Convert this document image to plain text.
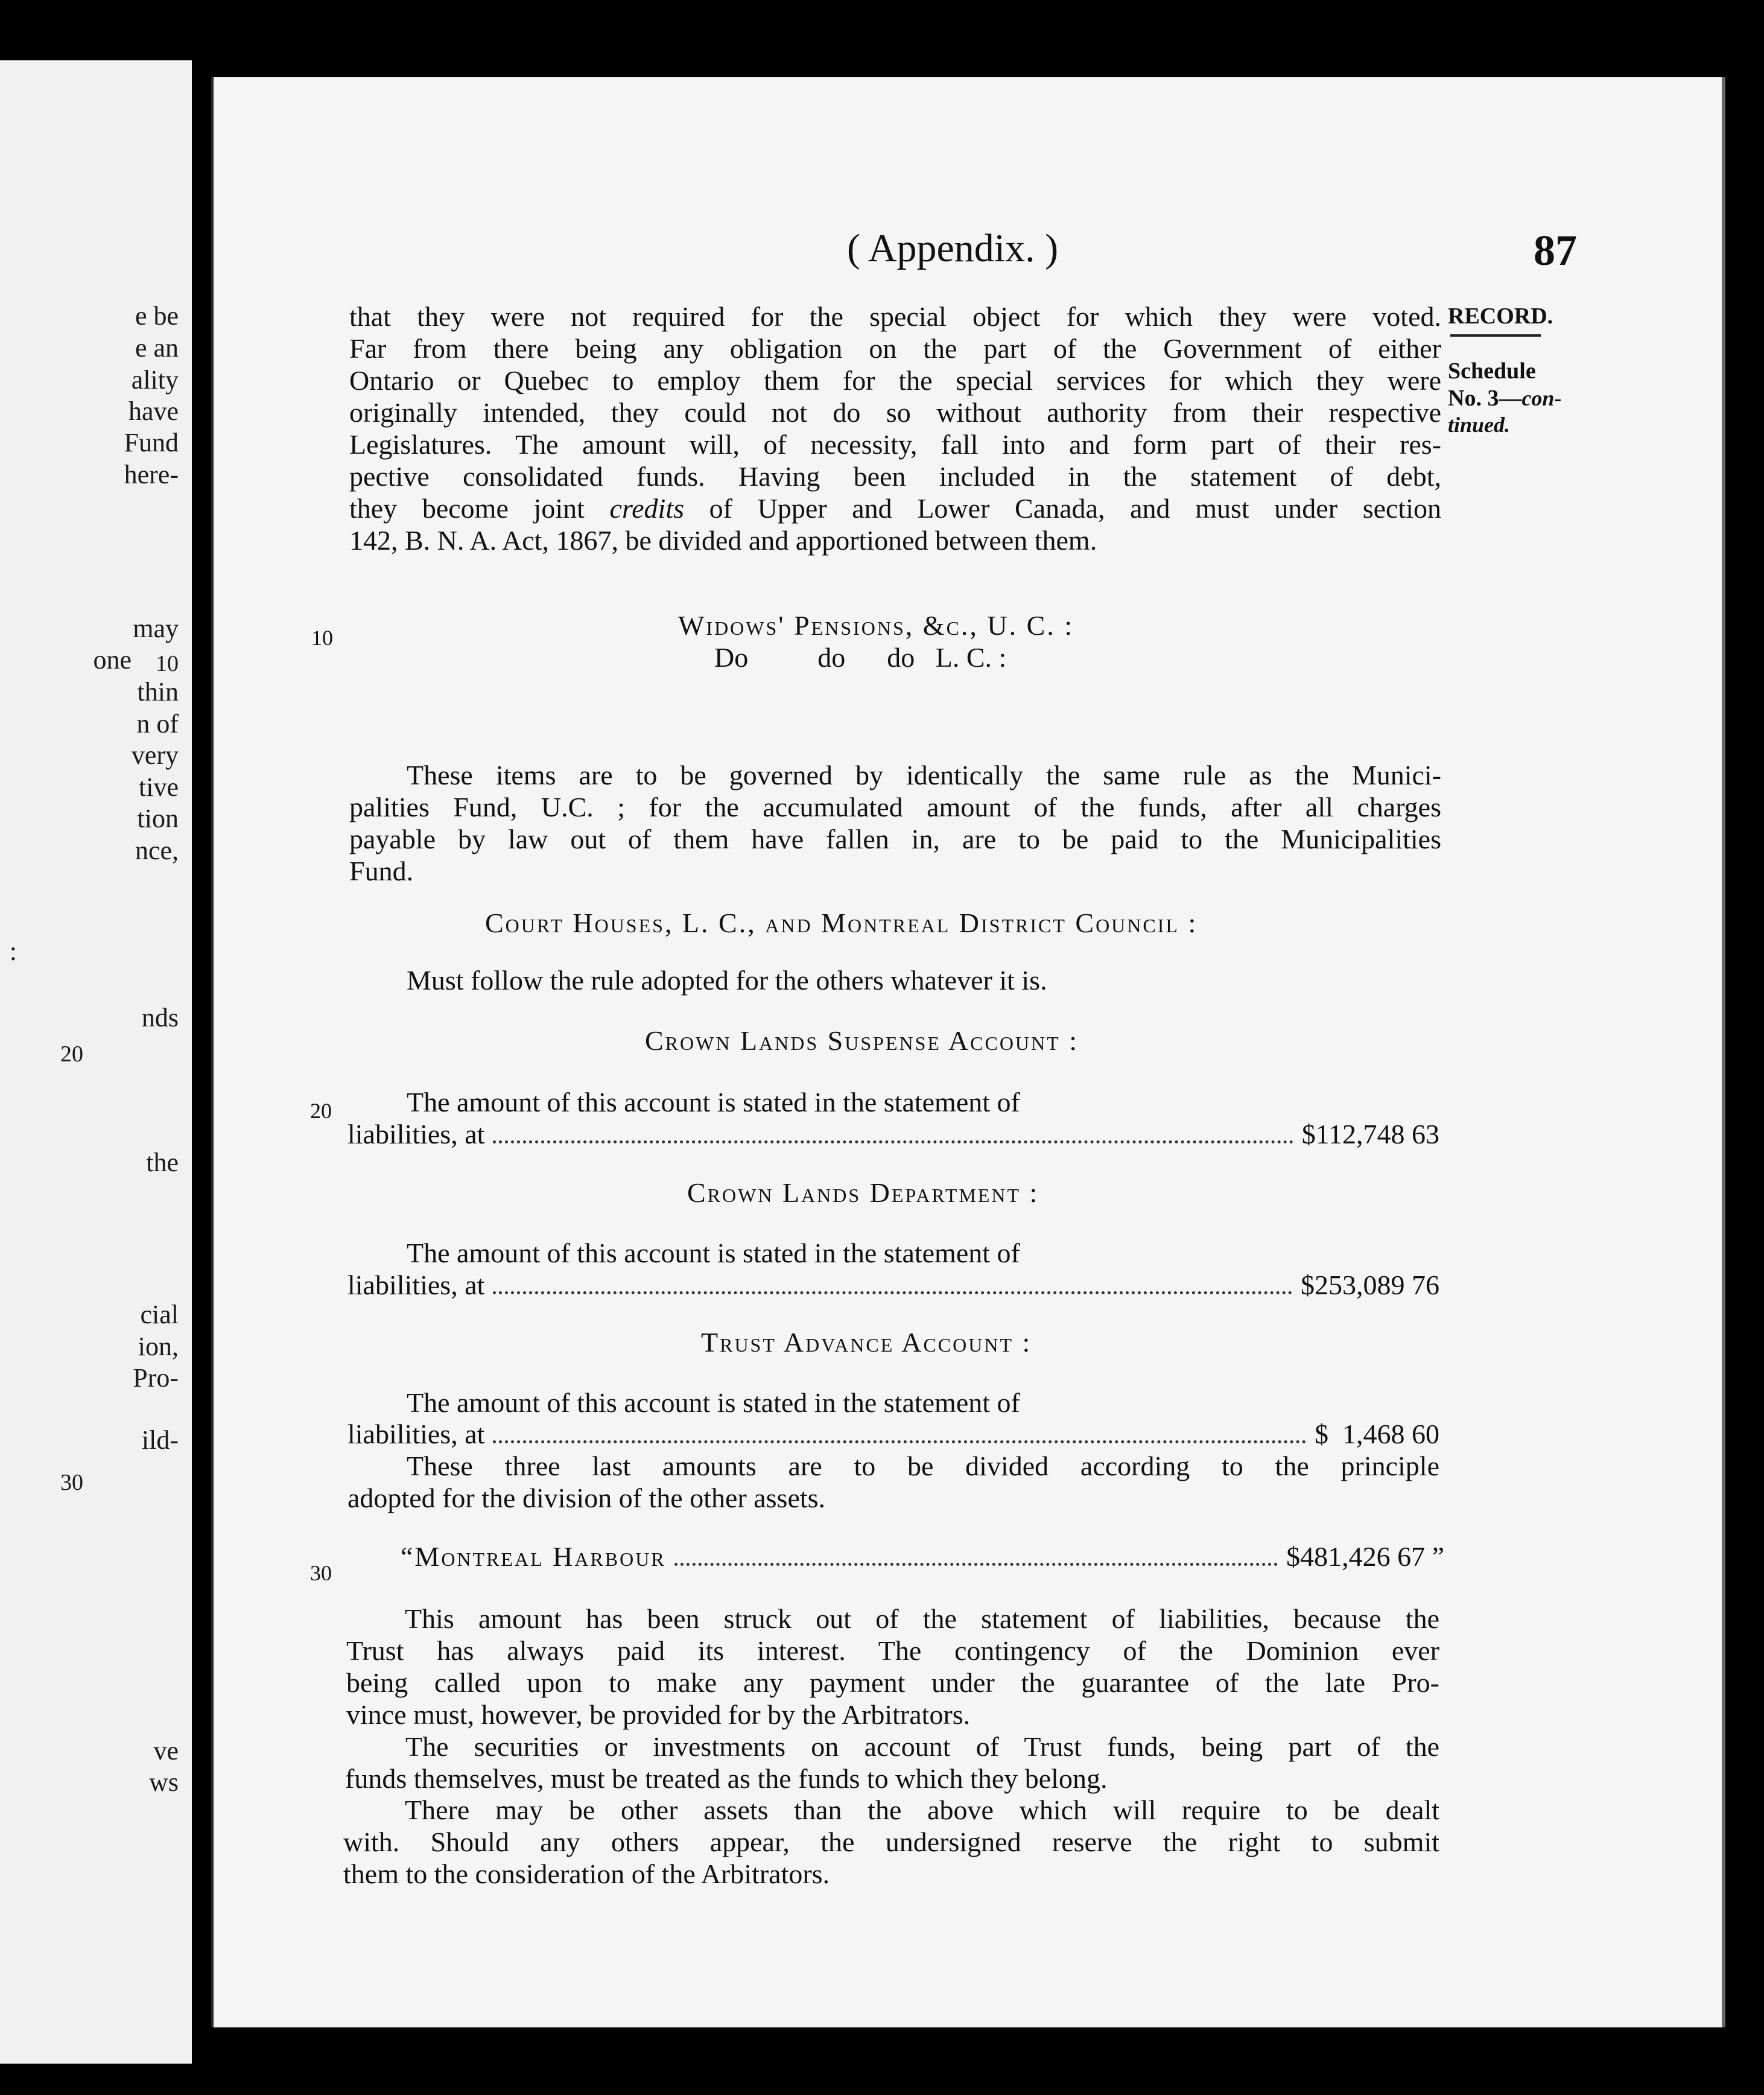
e be
e an
ality
have
Fund
here-
may
one 10
thin
n of
very
tive
tion
nce,
:
nds
20
the
cial
ion,
Pro-
ild-
30
ve
ws
( Appendix. )	87
RECORD.
Schedule
No. 3—con-
tinued.
10
20
30
that they were not required for the special object for which they were voted.
Far from there being any obligation on the part of the Government of either
Ontario or Quebec to employ them for the special services for which they were
originally intended, they could not do so without authority from their respective
Legislatures. The amount will, of necessity, fall into and form part of their res-
pective consolidated funds. Having been included in the statement of debt,
they become joint credits of Upper and Lower Canada, and must under section
142, B. N. A. Act, 1867, be divided and apportioned between them.
Widows' Pensions, &c., U. C. :
Do          do      do   L. C. :
These items are to be governed by identically the same rule as the Munici-
palities Fund, U.C. ; for the accumulated amount of the funds, after all charges
payable by law out of them have fallen in, are to be paid to the Municipalities
Fund.
Court Houses, L. C., and Montreal District Council :
Must follow the rule adopted for the others whatever it is.
Crown Lands Suspense Account :
The amount of this account is stated in the statement of
liabilities, at	$112,748 63
Crown Lands Department :
The amount of this account is stated in the statement of
liabilities, at	$253,089 76
Trust Advance Account :
The amount of this account is stated in the statement of
liabilities, at	$  1,468 60
These three last amounts are to be divided according to the principle
adopted for the division of the other assets.
“Montreal Harbour	$481,426 67 ”
This amount has been struck out of the statement of liabilities, because the
Trust has always paid its interest. The contingency of the Dominion ever
being called upon to make any payment under the guarantee of the late Pro-
vince must, however, be provided for by the Arbitrators.
The securities or investments on account of Trust funds, being part of the
funds themselves, must be treated as the funds to which they belong.
There may be other assets than the above which will require to be dealt
with. Should any others appear, the undersigned reserve the right to submit
them to the consideration of the Arbitrators.
